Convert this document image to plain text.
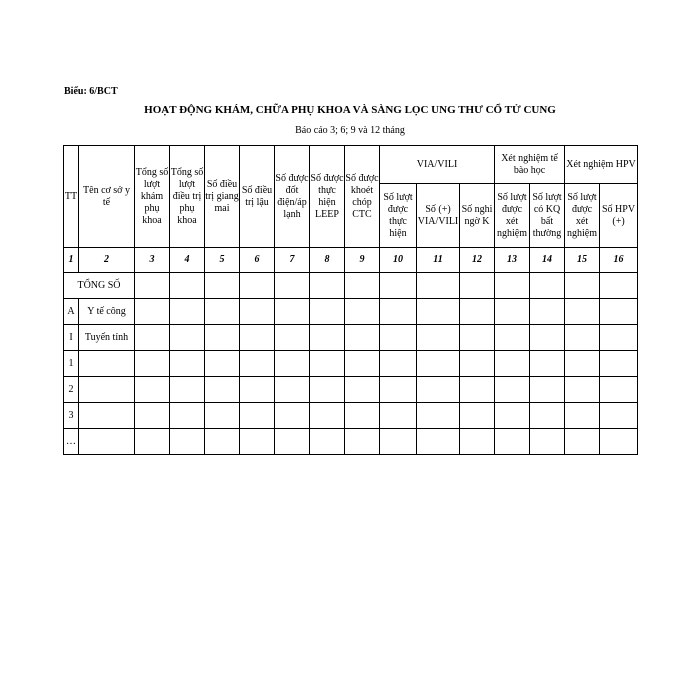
Biểu: 6/BCT
HOẠT ĐỘNG KHÁM, CHỮA PHỤ KHOA VÀ SÀNG LỌC UNG THƯ CỔ TỬ CUNG
Báo cáo 3; 6; 9 và 12 tháng
TT	Tên cơ sở y tế	Tổng số lượt khám phụ khoa	Tổng số lượt điều trị phụ khoa	Số điều trị giang mai	Số điều trị lậu	Số được đốt điện/áp lạnh	Số được thực hiện LEEP	Số được khoét chóp CTC	VIA/VILI			Xét nghiệm tế bào học		Xét nghiệm HPV	
									Số lượt được thực hiện	Số (+) VIA/VILI	Số nghi ngờ K	Số lượt được xét nghiệm	Số lượt có KQ bất thường	Số lượt được xét nghiệm	Số HPV (+)
1	2	3	4	5	6	7	8	9	10	11	12	13	14	15	16
TỔNG SỐ															
A	Y tế công														
I	Tuyến tỉnh														
1															
2															
3															
…															
